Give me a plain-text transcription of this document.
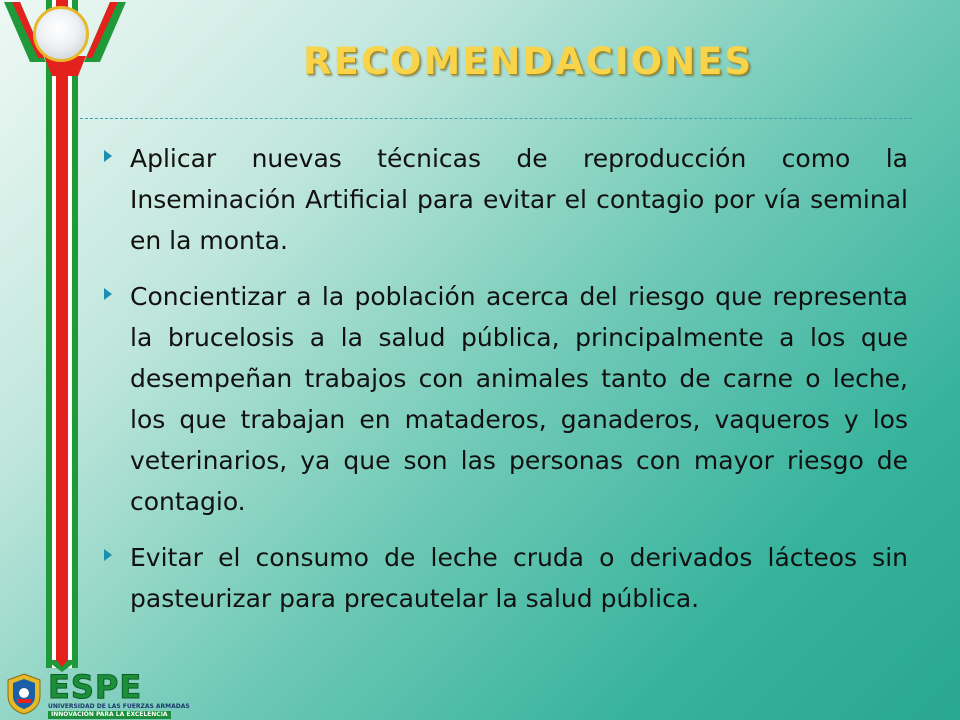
RECOMENDACIONES

Aplicar nuevas técnicas de reproducción como la Inseminación Artificial para evitar el contagio por vía seminal en la monta.

Concientizar a la población acerca del riesgo que representa la brucelosis a la salud pública, principalmente a los que desempeñan trabajos con animales tanto de carne o leche, los que trabajan en mataderos, ganaderos, vaqueros y los veterinarios, ya que son las personas con mayor riesgo de contagio.

Evitar el consumo de leche cruda o derivados lácteos sin pasteurizar para precautelar la salud pública.

ESPE
UNIVERSIDAD DE LAS FUERZAS ARMADAS
INNOVACIÓN PARA LA EXCELENCIA
